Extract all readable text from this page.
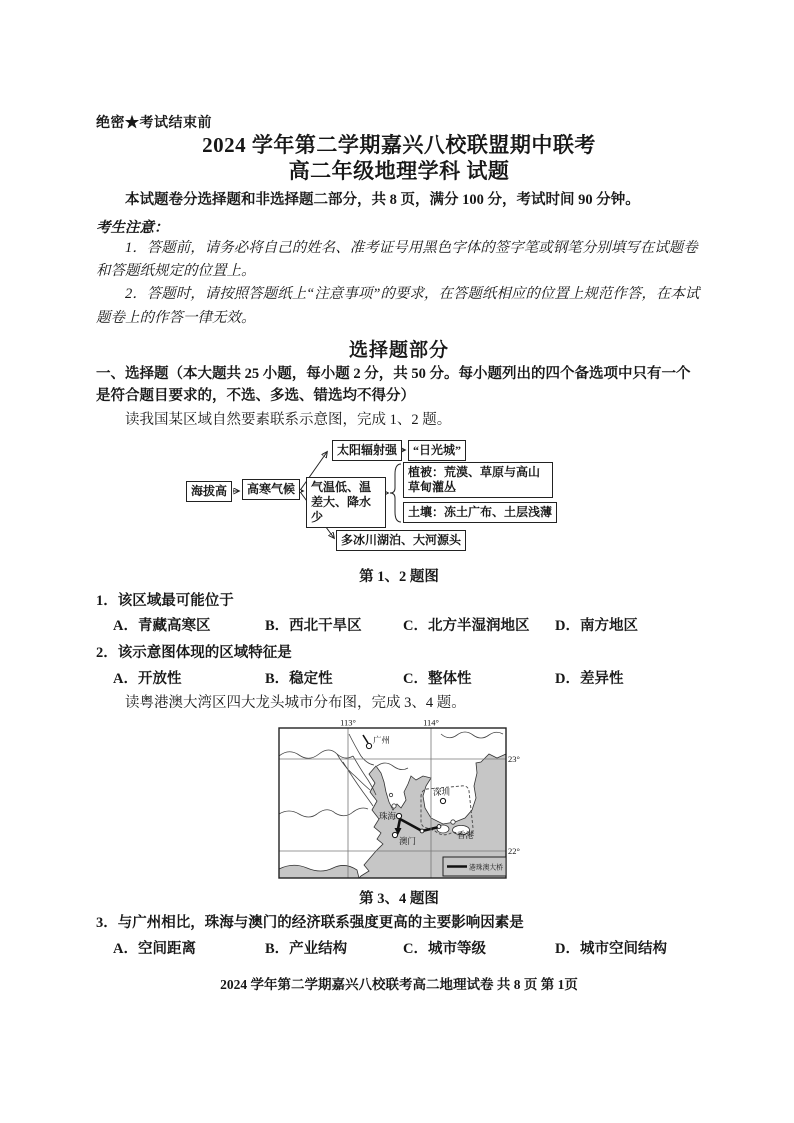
绝密★考试结束前
2024 学年第二学期嘉兴八校联盟期中联考
高二年级地理学科 试题
本试题卷分选择题和非选择题二部分，共 8 页，满分 100 分，考试时间 90 分钟。
考生注意：
1．答题前，请务必将自己的姓名、准考证号用黑色字体的签字笔或钢笔分别填写在试题卷和答题纸规定的位置上。
2．答题时，请按照答题纸上“注意事项”的要求，在答题纸相应的位置上规范作答，在本试题卷上的作答一律无效。
选择题部分
一、选择题（本大题共 25 小题，每小题 2 分，共 50 分。每小题列出的四个备选项中只有一个是符合题目要求的，不选、多选、错选均不得分）
读我国某区域自然要素联系示意图，完成 1、2 题。
海拔高	高寒气候
太阳辐射强	“日光城”
气温低、温差大、降水少
植被：荒漠、草原与高山草甸灌丛
土壤：冻土广布、土层浅薄
多冰川湖泊、大河源头
第 1、2 题图
1．该区域最可能位于
A．青藏高寒区	B．西北干旱区	C．北方半湿润地区	D．南方地区
2．该示意图体现的区域特征是
A．开放性	B．稳定性	C．整体性	D．差异性
读粤港澳大湾区四大龙头城市分布图，完成 3、4 题。
广州
深圳
珠海
澳门
香港
113°	114°
23°
22°
港珠澳大桥
第 3、4 题图
3．与广州相比，珠海与澳门的经济联系强度更高的主要影响因素是
A．空间距离	B．产业结构	C．城市等级	D．城市空间结构
2024 学年第二学期嘉兴八校联考高二地理试卷 共 8 页 第 1页
